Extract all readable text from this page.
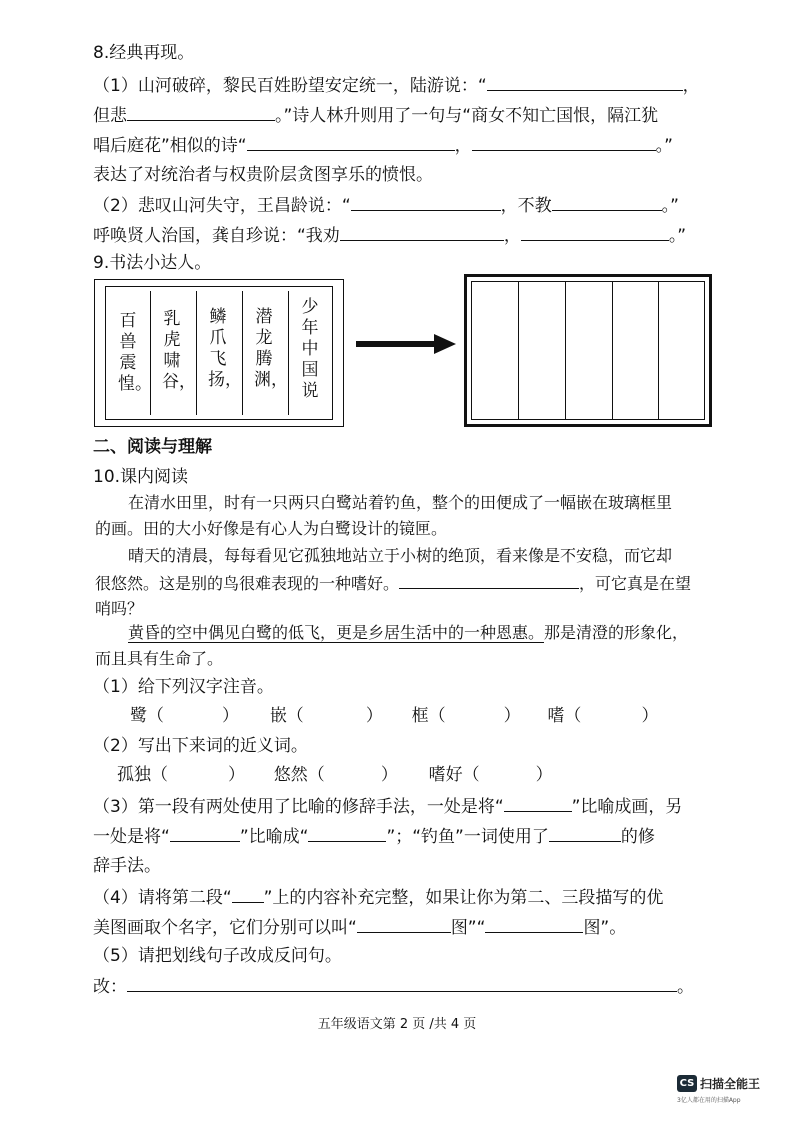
8.经典再现。
（1）山河破碎，黎民百姓盼望安定统一，陆游说：“	，
但悲	。”诗人林升则用了一句与“商女不知亡国恨，隔江犹
唱后庭花”相似的诗“	，	。”
表达了对统治者与权贵阶层贪图享乐的愤恨。
（2）悲叹山河失守，王昌龄说：“	，不教	。”
呼唤贤人治国，龚自珍说：“我劝	，	。”
9.书法小达人。
百兽震惶。
乳虎啸谷，
鳞爪飞扬，
潜龙腾渊，
少年中国说
二、阅读与理解
10.课内阅读
在清水田里，时有一只两只白鹭站着钓鱼，整个的田便成了一幅嵌在玻璃框里
的画。田的大小好像是有心人为白鹭设计的镜匣。
晴天的清晨，每每看见它孤独地站立于小树的绝顶，看来像是不安稳，而它却
很悠然。这是别的鸟很难表现的一种嗜好。	，可它真是在望
哨吗？
黄昏的空中偶见白鹭的低飞，更是乡居生活中的一种恩惠。那是清澄的形象化，
而且具有生命了。
（1）给下列汉字注音。
鹭（	） 嵌（	） 框（	） 嗜（	）
（2）写出下来词的近义词。
孤独（	） 悠然（	） 嗜好（	）
（3）第一段有两处使用了比喻的修辞手法，一处是将“	”比喻成画，另
一处是将“	”比喻成“	”；“钓鱼”一词使用了	的修
辞手法。
（4）请将第二段“ ”上的内容补充完整，如果让你为第二、三段描写的优
美图画取个名字，它们分别可以叫“	图”“	图”。
（5）请把划线句子改成反问句。
改：	。
五年级语文第 2 页 /共 4 页
CS 扫描全能王
3亿人都在用的扫描App
